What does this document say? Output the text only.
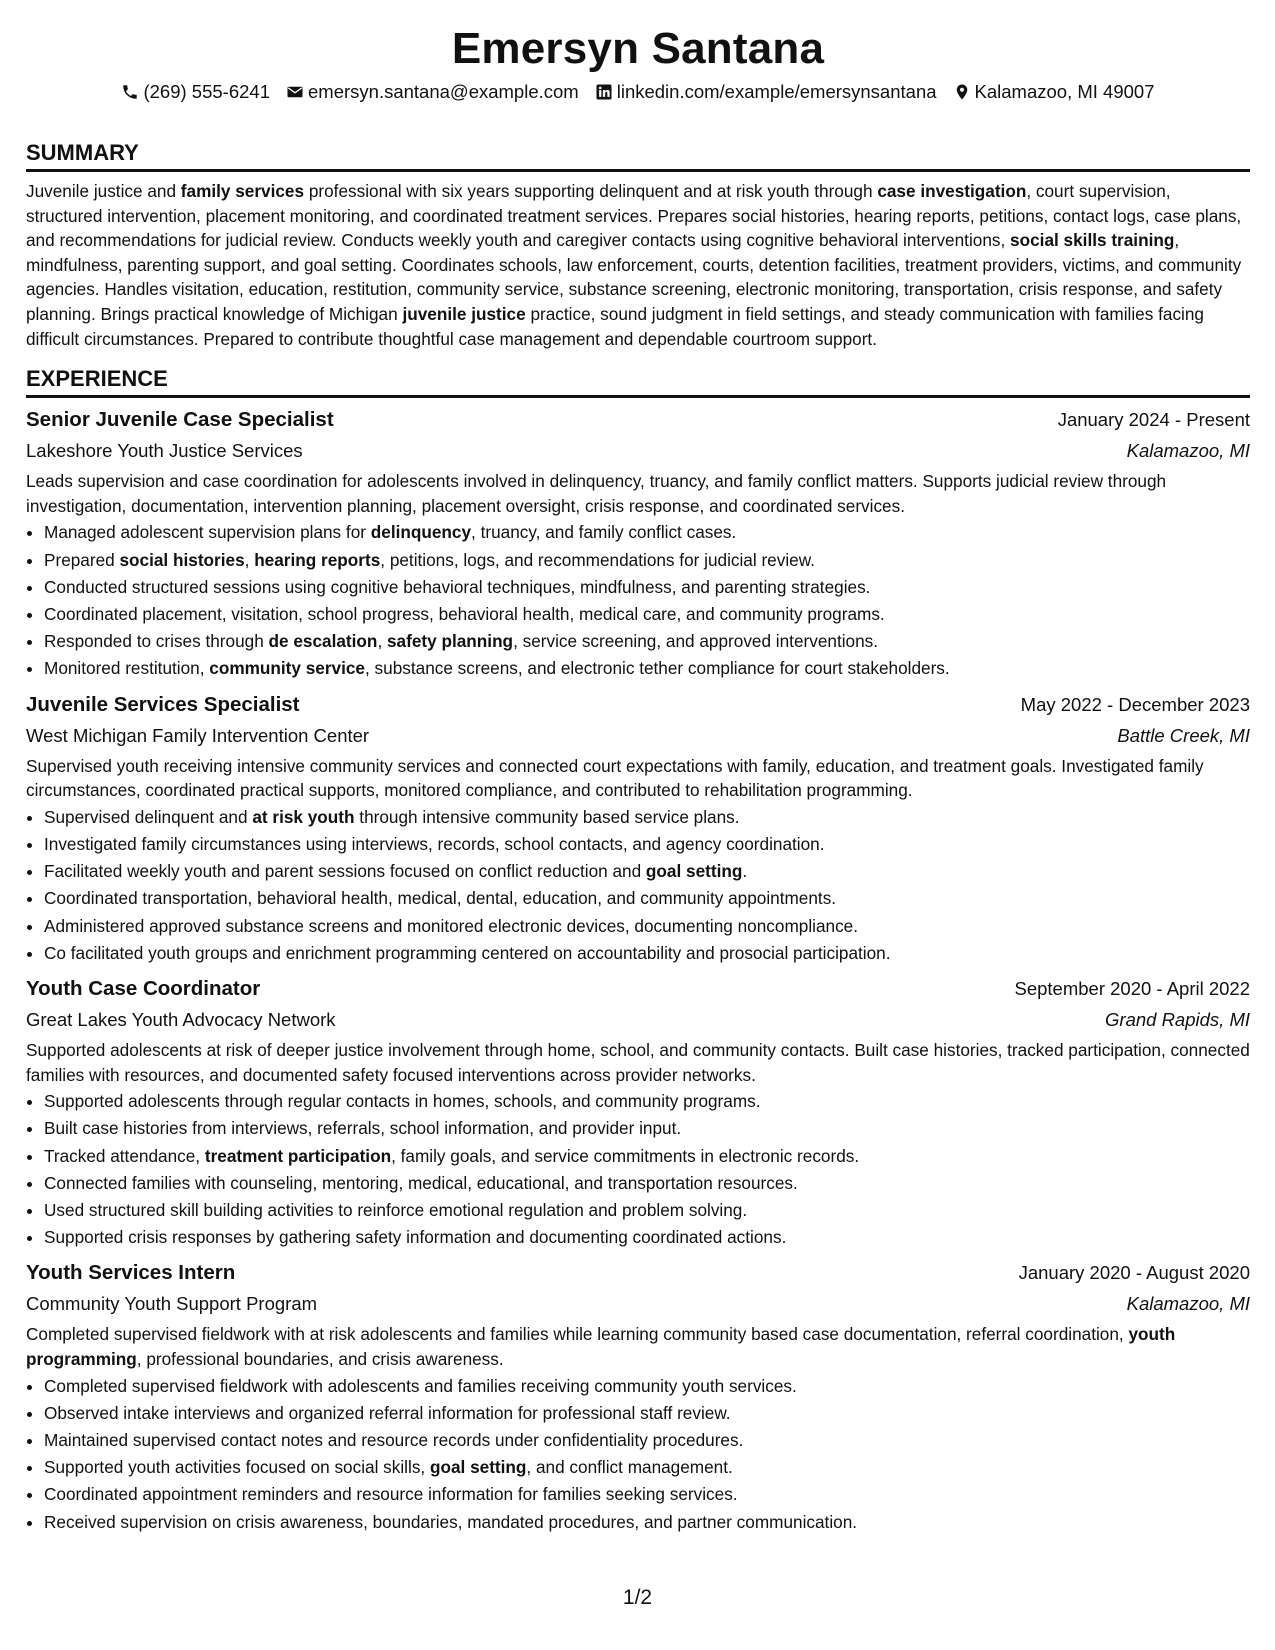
Emersyn Santana
(269) 555-6241 emersyn.santana@example.com linkedin.com/example/emersynsantana Kalamazoo, MI 49007
SUMMARY

Juvenile justice and family services professional with six years supporting delinquent and at risk youth through case investigation, court supervision, structured intervention, placement monitoring, and coordinated treatment services. Prepares social histories, hearing reports, petitions, contact logs, case plans, and recommendations for judicial review. Conducts weekly youth and caregiver contacts using cognitive behavioral interventions, social skills training, mindfulness, parenting support, and goal setting. Coordinates schools, law enforcement, courts, detention facilities, treatment providers, victims, and community agencies. Handles visitation, education, restitution, community service, substance screening, electronic monitoring, transportation, crisis response, and safety planning. Brings practical knowledge of Michigan juvenile justice practice, sound judgment in field settings, and steady communication with families facing difficult circumstances. Prepared to contribute thoughtful case management and dependable courtroom support.

EXPERIENCE
Senior Juvenile Case Specialist	January 2024 - Present
Lakeshore Youth Justice Services	Kalamazoo, MI
Leads supervision and case coordination for adolescents involved in delinquency, truancy, and family conflict matters. Supports judicial review through investigation, documentation, intervention planning, placement oversight, crisis response, and coordinated services.
• Managed adolescent supervision plans for delinquency, truancy, and family conflict cases.
• Prepared social histories, hearing reports, petitions, logs, and recommendations for judicial review.
• Conducted structured sessions using cognitive behavioral techniques, mindfulness, and parenting strategies.
• Coordinated placement, visitation, school progress, behavioral health, medical care, and community programs.
• Responded to crises through de escalation, safety planning, service screening, and approved interventions.
• Monitored restitution, community service, substance screens, and electronic tether compliance for court stakeholders.
Juvenile Services Specialist	May 2022 - December 2023
West Michigan Family Intervention Center	Battle Creek, MI
Supervised youth receiving intensive community services and connected court expectations with family, education, and treatment goals. Investigated family circumstances, coordinated practical supports, monitored compliance, and contributed to rehabilitation programming.
• Supervised delinquent and at risk youth through intensive community based service plans.
• Investigated family circumstances using interviews, records, school contacts, and agency coordination.
• Facilitated weekly youth and parent sessions focused on conflict reduction and goal setting.
• Coordinated transportation, behavioral health, medical, dental, education, and community appointments.
• Administered approved substance screens and monitored electronic devices, documenting noncompliance.
• Co facilitated youth groups and enrichment programming centered on accountability and prosocial participation.
Youth Case Coordinator	September 2020 - April 2022
Great Lakes Youth Advocacy Network	Grand Rapids, MI
Supported adolescents at risk of deeper justice involvement through home, school, and community contacts. Built case histories, tracked participation, connected families with resources, and documented safety focused interventions across provider networks.
• Supported adolescents through regular contacts in homes, schools, and community programs.
• Built case histories from interviews, referrals, school information, and provider input.
• Tracked attendance, treatment participation, family goals, and service commitments in electronic records.
• Connected families with counseling, mentoring, medical, educational, and transportation resources.
• Used structured skill building activities to reinforce emotional regulation and problem solving.
• Supported crisis responses by gathering safety information and documenting coordinated actions.
Youth Services Intern	January 2020 - August 2020
Community Youth Support Program	Kalamazoo, MI
Completed supervised fieldwork with at risk adolescents and families while learning community based case documentation, referral coordination, youth programming, professional boundaries, and crisis awareness.
• Completed supervised fieldwork with adolescents and families receiving community youth services.
• Observed intake interviews and organized referral information for professional staff review.
• Maintained supervised contact notes and resource records under confidentiality procedures.
• Supported youth activities focused on social skills, goal setting, and conflict management.
• Coordinated appointment reminders and resource information for families seeking services.
• Received supervision on crisis awareness, boundaries, mandated procedures, and partner communication.
1/2
